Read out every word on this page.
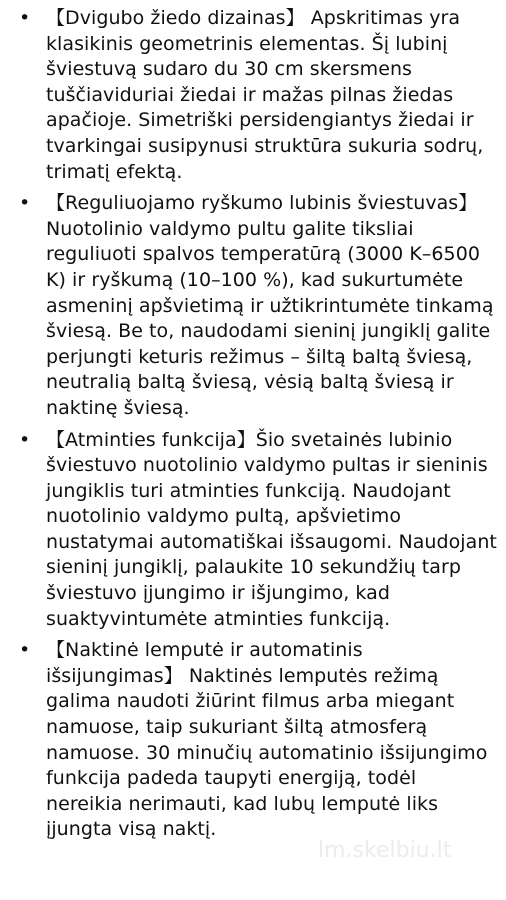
• 【Dvigubo žiedo dizainas】 Apskritimas yra klasikinis geometrinis elementas. Šį lubinį šviestuvą sudaro du 30 cm skersmens tuščiaviduriai žiedai ir mažas pilnas žiedas apačioje. Simetriški persidengiantys žiedai ir tvarkingai susipynusi struktūra sukuria sodrų, trimatį efektą.
• 【Reguliuojamo ryškumo lubinis šviestuvas】 Nuotolinio valdymo pultu galite tiksliai reguliuoti spalvos temperatūrą (3000 K–6500 K) ir ryškumą (10–100 %), kad sukurtumėte asmeninį apšvietimą ir užtikrintumėte tinkamą šviesą. Be to, naudodami sieninį jungiklį galite perjungti keturis režimus – šiltą baltą šviesą, neutralią baltą šviesą, vėsią baltą šviesą ir naktinę šviesą.
• 【Atminties funkcija】Šio svetainės lubinio šviestuvo nuotolinio valdymo pultas ir sieninis jungiklis turi atminties funkciją. Naudojant nuotolinio valdymo pultą, apšvietimo nustatymai automatiškai išsaugomi. Naudojant sieninį jungiklį, palaukite 10 sekundžių tarp šviestuvo įjungimo ir išjungimo, kad suaktyvintumėte atminties funkciją.
• 【Naktinė lemputė ir automatinis išsijungimas】 Naktinės lemputės režimą galima naudoti žiūrint filmus arba miegant namuose, taip sukuriant šiltą atmosferą namuose. 30 minučių automatinio išsijungimo funkcija padeda taupyti energiją, todėl nereikia nerimauti, kad lubų lemputė liks įjungta visą naktį.
lm.skelbiu.lt
